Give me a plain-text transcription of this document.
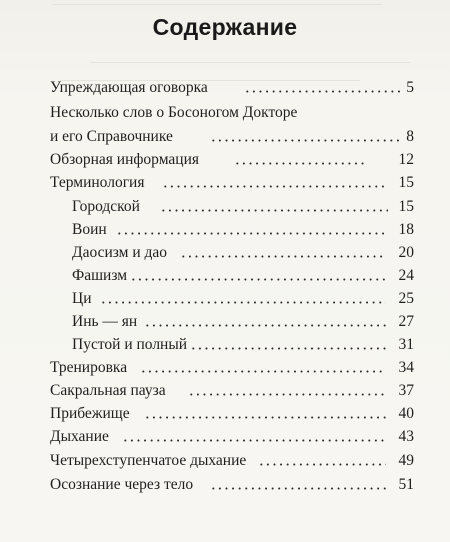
Содержание
Упреждающая оговорка	5
Несколько слов о Босоногом Докторе
и его Справочнике	8
Обзорная информация	12
Терминология	15
Городской	15
Воин	18
Даосизм и дао	20
Фашизм	24
Ци	25
Инь — ян	27
Пустой и полный	31
Тренировка	34
Сакральная пауза	37
Прибежище	40
Дыхание	43
Четырехступенчатое дыхание	49
Осознание через тело	51
